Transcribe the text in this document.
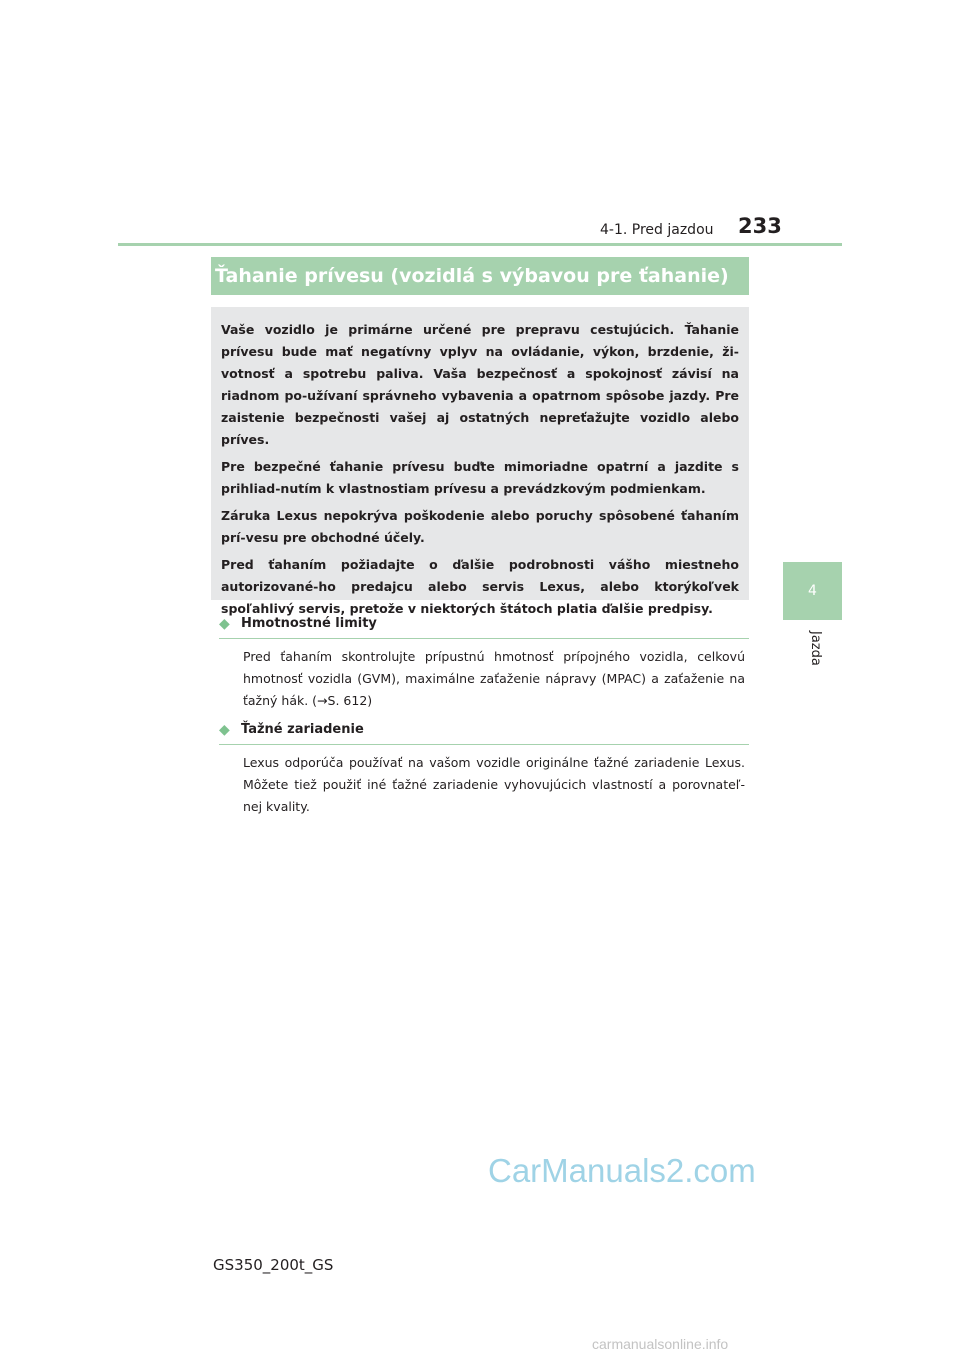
4-1. Pred jazdou 233
4
Jazda
Ťahanie prívesu (vozidlá s výbavou pre ťahanie)

Vaše vozidlo je primárne určené pre prepravu cestujúcich. Ťahanie prívesu bude mať negatívny vplyv na ovládanie, výkon, brzdenie, ži-votnosť a spotrebu paliva. Vaša bezpečnosť a spokojnosť závisí na riadnom po-užívaní správneho vybavenia a opatrnom spôsobe jazdy. Pre zaistenie bezpečnosti vašej aj ostatných nepreťažujte vozidlo alebo príves.

Pre bezpečné ťahanie prívesu buďte mimoriadne opatrní a jazdite s prihliad-nutím k vlastnostiam prívesu a prevádzkovým podmienkam.

Záruka Lexus nepokrýva poškodenie alebo poruchy spôsobené ťahaním prí-vesu pre obchodné účely.

Pred ťahaním požiadajte o ďalšie podrobnosti vášho miestneho autorizované-ho predajcu alebo servis Lexus, alebo ktorýkoľvek spoľahlivý servis, pretože v niektorých štátoch platia ďalšie predpisy.

◆ Hmotnostné limity
Pred ťahaním skontrolujte prípustnú hmotnosť prípojného vozidla, celkovú hmotnosť vozidla (GVM), maximálne zaťaženie nápravy (MPAC) a zaťaženie na ťažný hák. (→S. 612)
◆ Ťažné zariadenie
Lexus odporúča používať na vašom vozidle originálne ťažné zariadenie Lexus. Môžete tiež použiť iné ťažné zariadenie vyhovujúcich vlastností a porovnateľ-nej kvality.
CarManuals2.com
GS350_200t_GS
carmanualsonline.info
